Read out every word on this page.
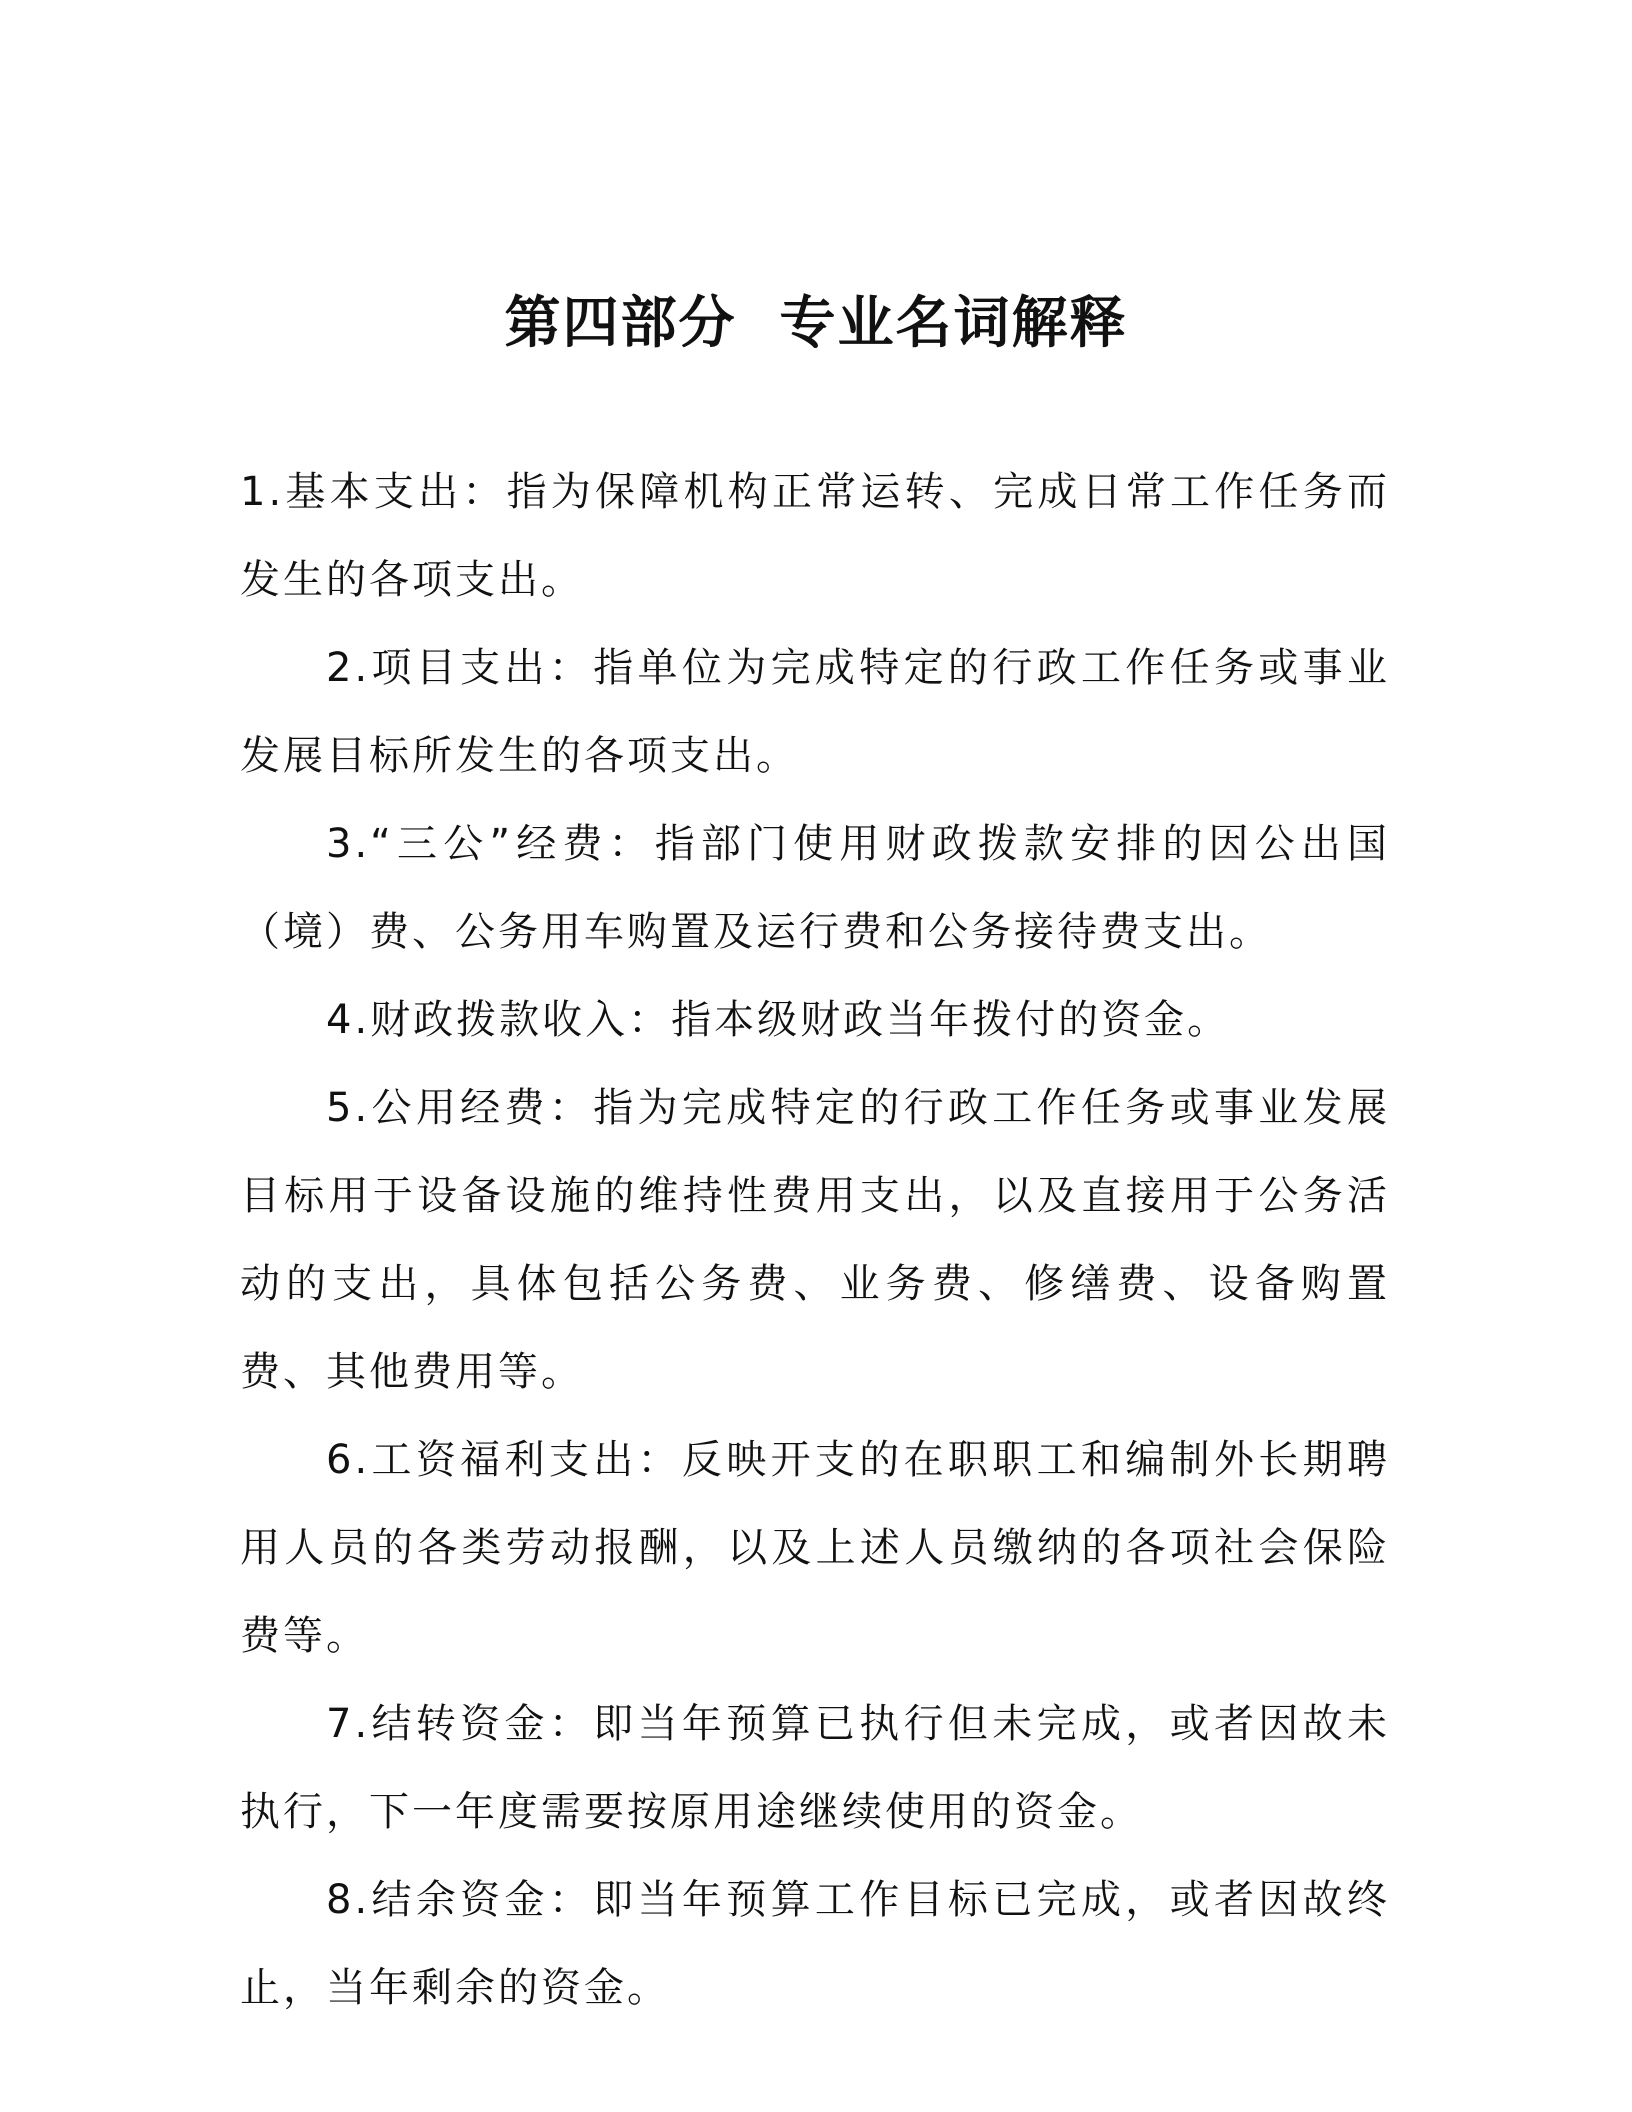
第四部分  专业名词解释

1.基本支出：指为保障机构正常运转、完成日常工作任务而发生的各项支出。

2.项目支出：指单位为完成特定的行政工作任务或事业发展目标所发生的各项支出。

3.“三公”经费：指部门使用财政拨款安排的因公出国（境）费、公务用车购置及运行费和公务接待费支出。

4.财政拨款收入：指本级财政当年拨付的资金。

5.公用经费：指为完成特定的行政工作任务或事业发展目标用于设备设施的维持性费用支出，以及直接用于公务活动的支出，具体包括公务费、业务费、修缮费、设备购置费、其他费用等。

6.工资福利支出：反映开支的在职职工和编制外长期聘用人员的各类劳动报酬，以及上述人员缴纳的各项社会保险费等。

7.结转资金：即当年预算已执行但未完成，或者因故未执行，下一年度需要按原用途继续使用的资金。

8.结余资金：即当年预算工作目标已完成，或者因故终止，当年剩余的资金。
